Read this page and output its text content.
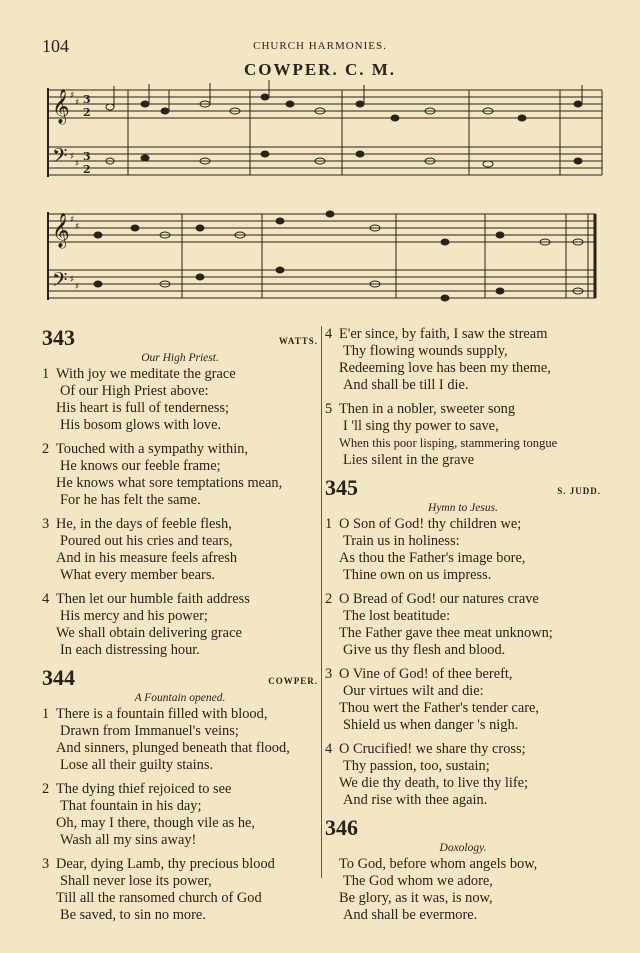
104	CHURCH HARMONIES.
COWPER. C. M.
𝄞
𝄢
𝄞
𝄢
♯
♯
♯
♯
♯
♯
♯
♯
3
2
3
2
343	WATTS.
Our High Priest.
1 With joy we meditate the grace
Of our High Priest above:
His heart is full of tenderness;
His bosom glows with love.
2 Touched with a sympathy within,
He knows our feeble frame;
He knows what sore temptations mean,
For he has felt the same.
3 He, in the days of feeble flesh,
Poured out his cries and tears,
And in his measure feels afresh
What every member bears.
4 Then let our humble faith address
His mercy and his power;
We shall obtain delivering grace
In each distressing hour.
344	COWPER.
A Fountain opened.
1 There is a fountain filled with blood,
Drawn from Immanuel's veins;
And sinners, plunged beneath that flood,
Lose all their guilty stains.
2 The dying thief rejoiced to see
That fountain in his day;
Oh, may I there, though vile as he,
Wash all my sins away!
3 Dear, dying Lamb, thy precious blood
Shall never lose its power,
Till all the ransomed church of God
Be saved, to sin no more.
4 E'er since, by faith, I saw the stream
Thy flowing wounds supply,
Redeeming love has been my theme,
And shall be till I die.
5 Then in a nobler, sweeter song
I 'll sing thy power to save,
When this poor lisping, stammering tongue
Lies silent in the grave
345	S. JUDD.
Hymn to Jesus.
1 O Son of God! thy children we;
Train us in holiness:
As thou the Father's image bore,
Thine own on us impress.
2 O Bread of God! our natures crave
The lost beatitude:
The Father gave thee meat unknown;
Give us thy flesh and blood.
3 O Vine of God! of thee bereft,
Our virtues wilt and die:
Thou wert the Father's tender care,
Shield us when danger 's nigh.
4 O Crucified! we share thy cross;
Thy passion, too, sustain;
We die thy death, to live thy life;
And rise with thee again.
346
Doxology.
To God, before whom angels bow,
The God whom we adore,
Be glory, as it was, is now,
And shall be evermore.
